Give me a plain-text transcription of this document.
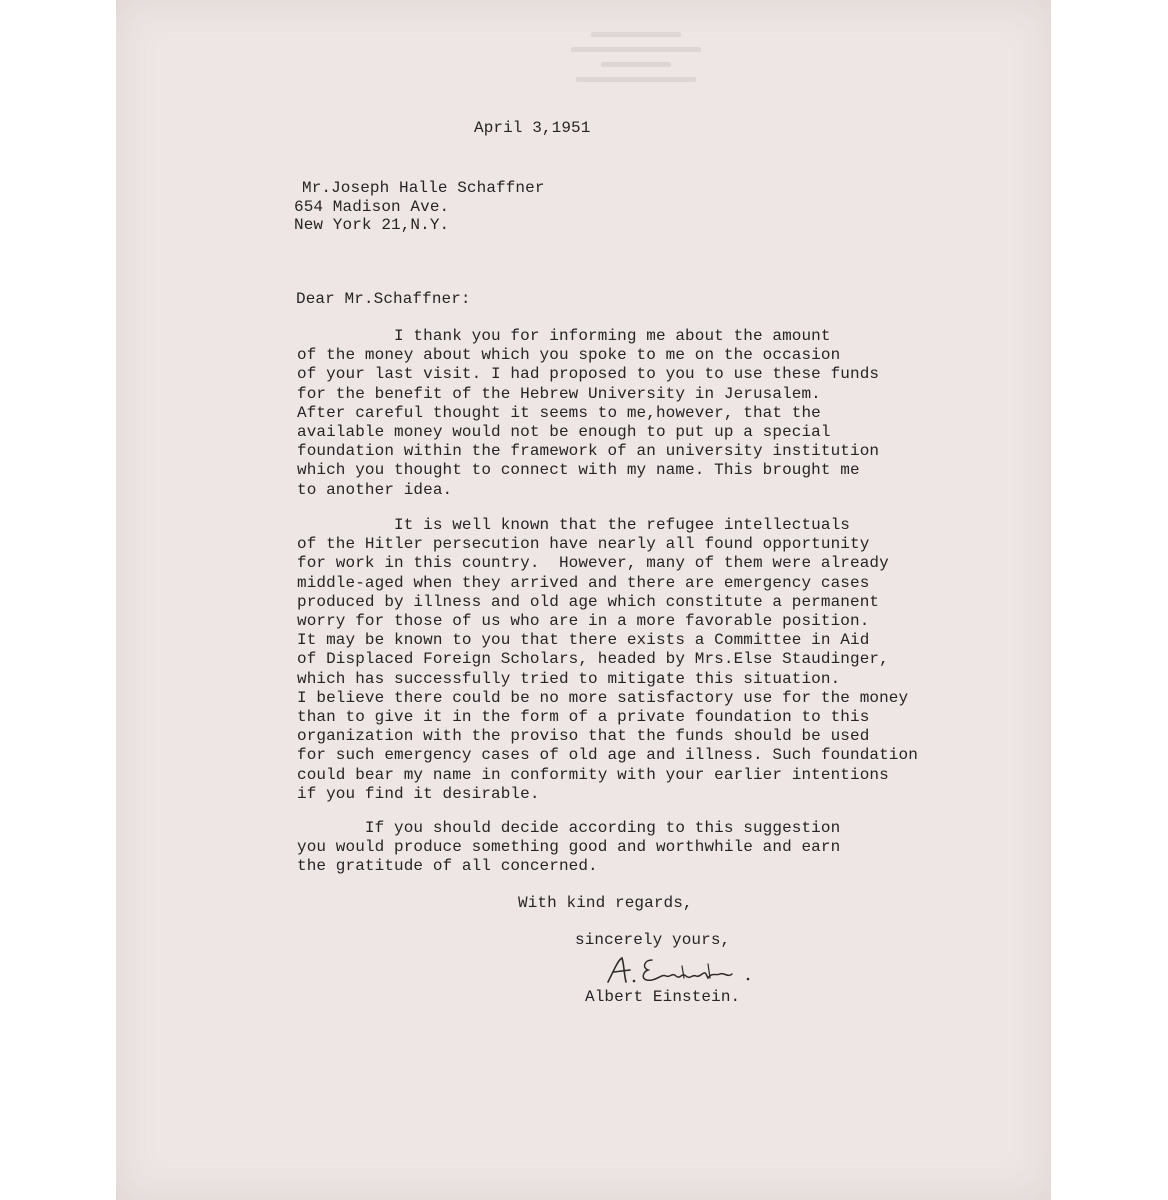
April 3,1951
Mr.Joseph Halle Schaffner
654 Madison Ave.
New York 21,N.Y.
Dear Mr.Schaffner:
I thank you for informing me about the amount
of the money about which you spoke to me on the occasion
of your last visit. I had proposed to you to use these funds
for the benefit of the Hebrew University in Jerusalem.
After careful thought it seems to me,however, that the
available money would not be enough to put up a special
foundation within the framework of an university institution
which you thought to connect with my name. This brought me
to another idea.
It is well known that the refugee intellectuals
of the Hitler persecution have nearly all found opportunity
for work in this country.  However, many of them were already
middle-aged when they arrived and there are emergency cases
produced by illness and old age which constitute a permanent
worry for those of us who are in a more favorable position.
It may be known to you that there exists a Committee in Aid
of Displaced Foreign Scholars, headed by Mrs.Else Staudinger,
which has successfully tried to mitigate this situation.
I believe there could be no more satisfactory use for the money
than to give it in the form of a private foundation to this
organization with the proviso that the funds should be used
for such emergency cases of old age and illness. Such foundation
could bear my name in conformity with your earlier intentions
if you find it desirable.
If you should decide according to this suggestion
you would produce something good and worthwhile and earn
the gratitude of all concerned.
With kind regards,
sincerely yours,
Albert Einstein.
